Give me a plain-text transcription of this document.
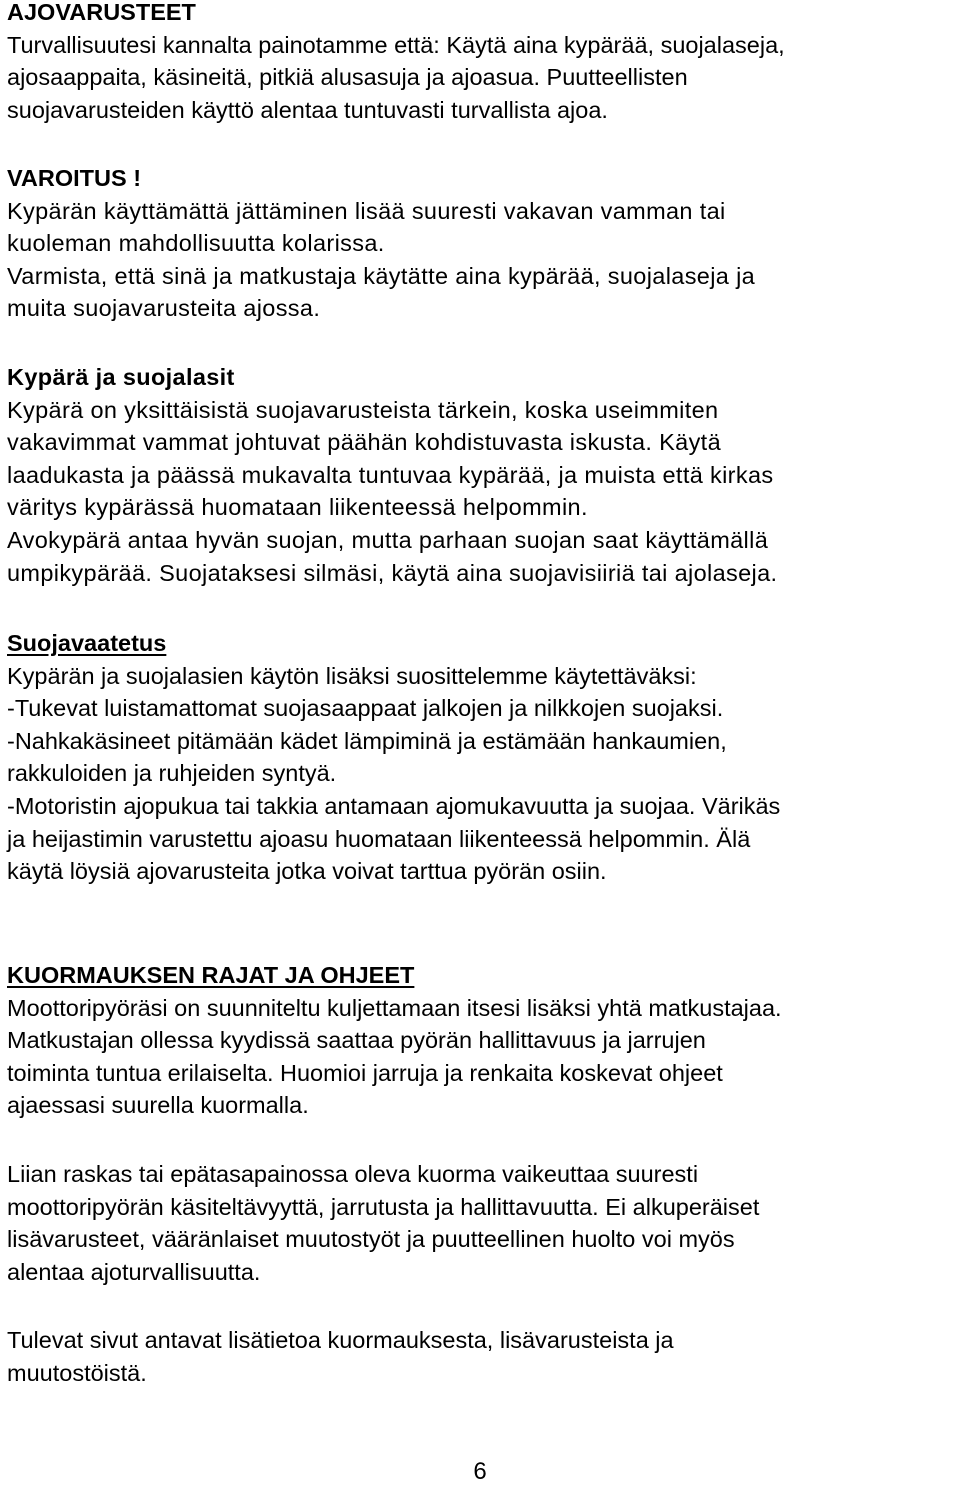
AJOVARUSTEET
Turvallisuutesi kannalta painotamme että: Käytä aina kypärää, suojalaseja,
ajosaappaita, käsineitä, pitkiä alusasuja ja ajoasua. Puutteellisten
suojavarusteiden käyttö alentaa tuntuvasti turvallista ajoa.
VAROITUS !
Kypärän käyttämättä jättäminen lisää suuresti vakavan vamman tai
kuoleman mahdollisuutta kolarissa.
Varmista, että sinä ja matkustaja käytätte aina kypärää, suojalaseja ja
muita suojavarusteita ajossa.
Kypärä ja suojalasit
Kypärä on yksittäisistä suojavarusteista tärkein, koska useimmiten
vakavimmat vammat johtuvat päähän kohdistuvasta iskusta. Käytä
laadukasta ja päässä mukavalta tuntuvaa kypärää, ja muista että kirkas
väritys kypärässä huomataan liikenteessä helpommin.
Avokypärä antaa hyvän suojan, mutta parhaan suojan saat käyttämällä
umpikypärää. Suojataksesi silmäsi, käytä aina suojavisiiriä tai ajolaseja.
Suojavaatetus
Kypärän ja suojalasien käytön lisäksi suosittelemme käytettäväksi:
-Tukevat luistamattomat suojasaappaat jalkojen ja nilkkojen suojaksi.
-Nahkakäsineet pitämään kädet lämpiminä ja estämään hankaumien,
rakkuloiden ja ruhjeiden syntyä.
-Motoristin ajopukua tai takkia antamaan ajomukavuutta ja suojaa. Värikäs
ja heijastimin varustettu ajoasu huomataan liikenteessä helpommin. Älä
käytä löysiä ajovarusteita jotka voivat tarttua pyörän osiin.
KUORMAUKSEN RAJAT JA OHJEET
Moottoripyöräsi on suunniteltu kuljettamaan itsesi lisäksi yhtä matkustajaa.
Matkustajan ollessa kyydissä saattaa pyörän hallittavuus ja jarrujen
toiminta tuntua erilaiselta. Huomioi jarruja ja renkaita koskevat ohjeet
ajaessasi suurella kuormalla.
Liian raskas tai epätasapainossa oleva kuorma vaikeuttaa suuresti
moottoripyörän käsiteltävyyttä, jarrutusta ja hallittavuutta. Ei alkuperäiset
lisävarusteet, vääränlaiset muutostyöt ja puutteellinen huolto voi myös
alentaa ajoturvallisuutta.
Tulevat sivut antavat lisätietoa kuormauksesta, lisävarusteista ja
muutostöistä.
6
